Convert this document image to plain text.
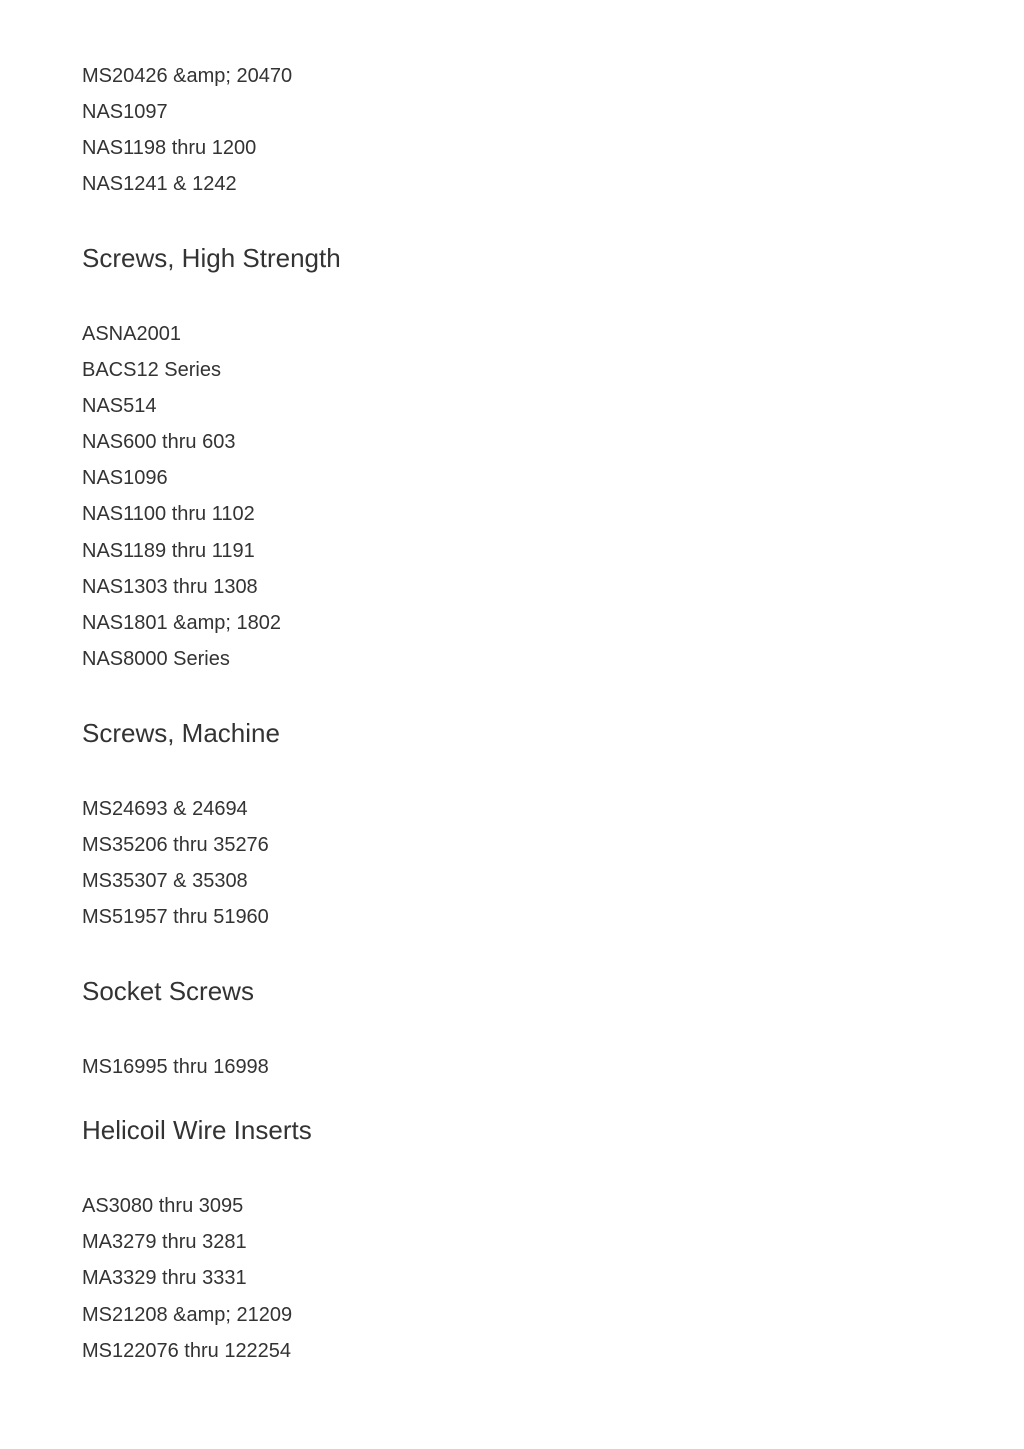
MS20426 &amp; 20470
NAS1097
NAS1198 thru 1200
NAS1241 & 1242
Screws, High Strength
ASNA2001
BACS12 Series
NAS514
NAS600 thru 603
NAS1096
NAS1100 thru 1102
NAS1189 thru 1191
NAS1303 thru 1308
NAS1801 &amp; 1802
NAS8000 Series
Screws, Machine
MS24693 & 24694
MS35206 thru 35276
MS35307 & 35308
MS51957 thru 51960
Socket Screws
MS16995 thru 16998
Helicoil Wire Inserts
AS3080 thru 3095
MA3279 thru 3281
MA3329 thru 3331
MS21208 &amp; 21209
MS122076 thru 122254
